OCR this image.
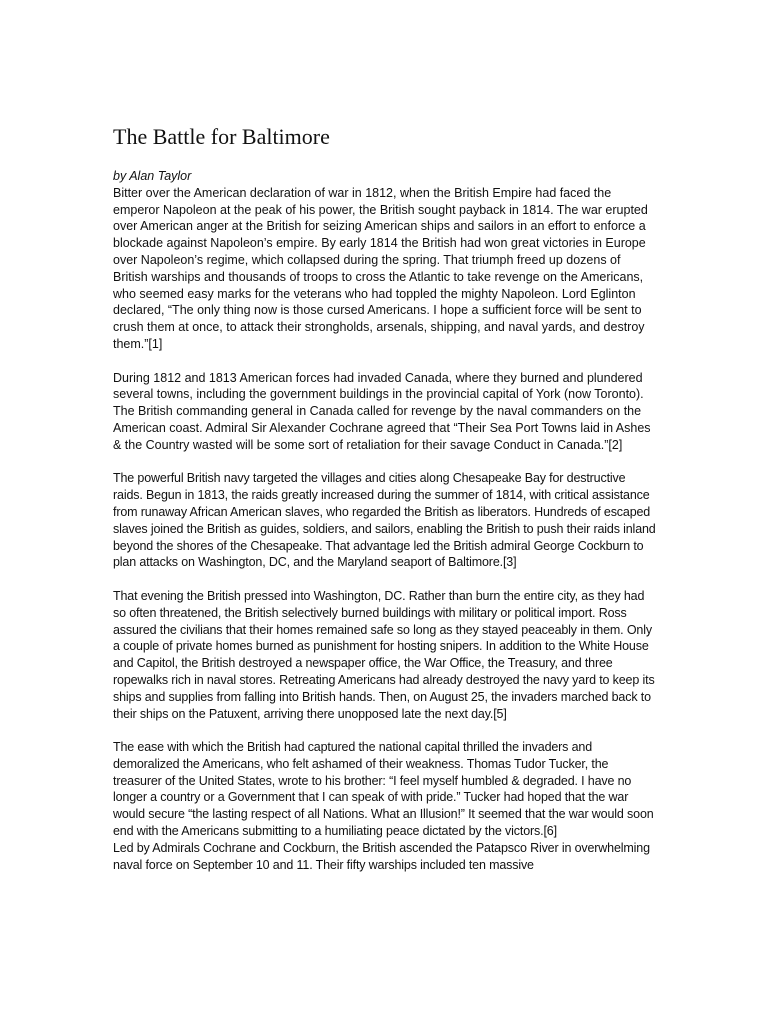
The Battle for Baltimore

by Alan Taylor

Bitter over the American declaration of war in 1812, when the British Empire had faced the emperor Napoleon at the peak of his power, the British sought payback in 1814. The war erupted over American anger at the British for seizing American ships and sailors in an effort to enforce a blockade against Napoleon’s empire. By early 1814 the British had won great victories in Europe over Napoleon’s regime, which collapsed during the spring. That triumph freed up dozens of British warships and thousands of troops to cross the Atlantic to take revenge on the Americans, who seemed easy marks for the veterans who had toppled the mighty Napoleon. Lord Eglinton declared, “The only thing now is those cursed Americans. I hope a sufficient force will be sent to crush them at once, to attack their strongholds, arsenals, shipping, and naval yards, and destroy them.”[1]

During 1812 and 1813 American forces had invaded Canada, where they burned and plundered several towns, including the government buildings in the provincial capital of York (now Toronto). The British commanding general in Canada called for revenge by the naval commanders on the American coast. Admiral Sir Alexander Cochrane agreed that “Their Sea Port Towns laid in Ashes & the Country wasted will be some sort of retaliation for their savage Conduct in Canada.”[2]

The powerful British navy targeted the villages and cities along Chesapeake Bay for destructive raids. Begun in 1813, the raids greatly increased during the summer of 1814, with critical assistance from runaway African American slaves, who regarded the British as liberators. Hundreds of escaped slaves joined the British as guides, soldiers, and sailors, enabling the British to push their raids inland beyond the shores of the Chesapeake. That advantage led the British admiral George Cockburn to plan attacks on Washington, DC, and the Maryland seaport of Baltimore.[3]

That evening the British pressed into Washington, DC. Rather than burn the entire city, as they had so often threatened, the British selectively burned buildings with military or political import. Ross assured the civilians that their homes remained safe so long as they stayed peaceably in them. Only a couple of private homes burned as punishment for hosting snipers. In addition to the White House and Capitol, the British destroyed a newspaper office, the War Office, the Treasury, and three ropewalks rich in naval stores. Retreating Americans had already destroyed the navy yard to keep its ships and supplies from falling into British hands. Then, on August 25, the invaders marched back to their ships on the Patuxent, arriving there unopposed late the next day.[5]

The ease with which the British had captured the national capital thrilled the invaders and demoralized the Americans, who felt ashamed of their weakness. Thomas Tudor Tucker, the treasurer of the United States, wrote to his brother: “I feel myself humbled & degraded. I have no longer a country or a Government that I can speak of with pride.” Tucker had hoped that the war would secure “the lasting respect of all Nations. What an Illusion!” It seemed that the war would soon end with the Americans submitting to a humiliating peace dictated by the victors.[6]

Led by Admirals Cochrane and Cockburn, the British ascended the Patapsco River in overwhelming naval force on September 10 and 11. Their fifty warships included ten massive
